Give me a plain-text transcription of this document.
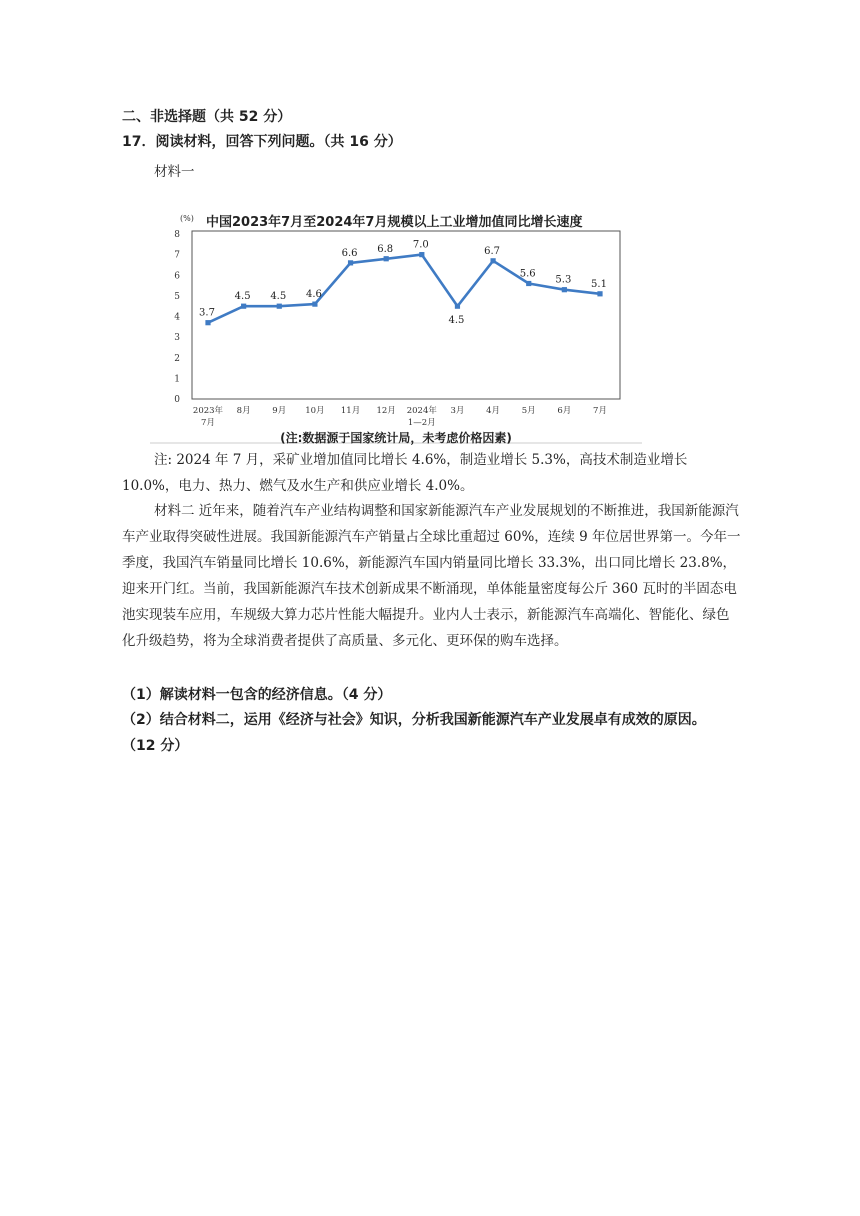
二、非选择题（共 52 分）
17．阅读材料，回答下列问题。（共 16 分）
材料一
中国2023年7月至2024年7月规模以上工业增加值同比增长速度
(%)
0
1
2
3
4
5
6
7
8
2023年
7月
8月	9月 10月 11月 12月 2024年
1—2月
3月	4月	5月	6月	7月
3.7
4.5 4.5 4.6
6.6 6.8 7.0
4.5
6.7
5.6
5.3 5.1
(注:数据源于国家统计局，未考虑价格因素)

注: 2024 年 7 月，采矿业增加值同比增长 4.6%，制造业增长 5.3%，高技术制造业增长 10.0%，电力、热力、燃气及水生产和供应业增长 4.0%。

材料二 近年来，随着汽车产业结构调整和国家新能源汽车产业发展规划的不断推进，我国新能源汽车产业取得突破性进展。我国新能源汽车产销量占全球比重超过 60%，连续 9 年位居世界第一。今年一季度，我国汽车销量同比增长 10.6%，新能源汽车国内销量同比增长 33.3%，出口同比增长 23.8%，迎来开门红。当前，我国新能源汽车技术创新成果不断涌现，单体能量密度每公斤 360 瓦时的半固态电池实现装车应用，车规级大算力芯片性能大幅提升。业内人士表示，新能源汽车高端化、智能化、绿色化升级趋势，将为全球消费者提供了高质量、多元化、更环保的购车选择。

（1）解读材料一包含的经济信息。（4 分）
（2）结合材料二，运用《经济与社会》知识，分析我国新能源汽车产业发展卓有成效的原因。
（12 分）
